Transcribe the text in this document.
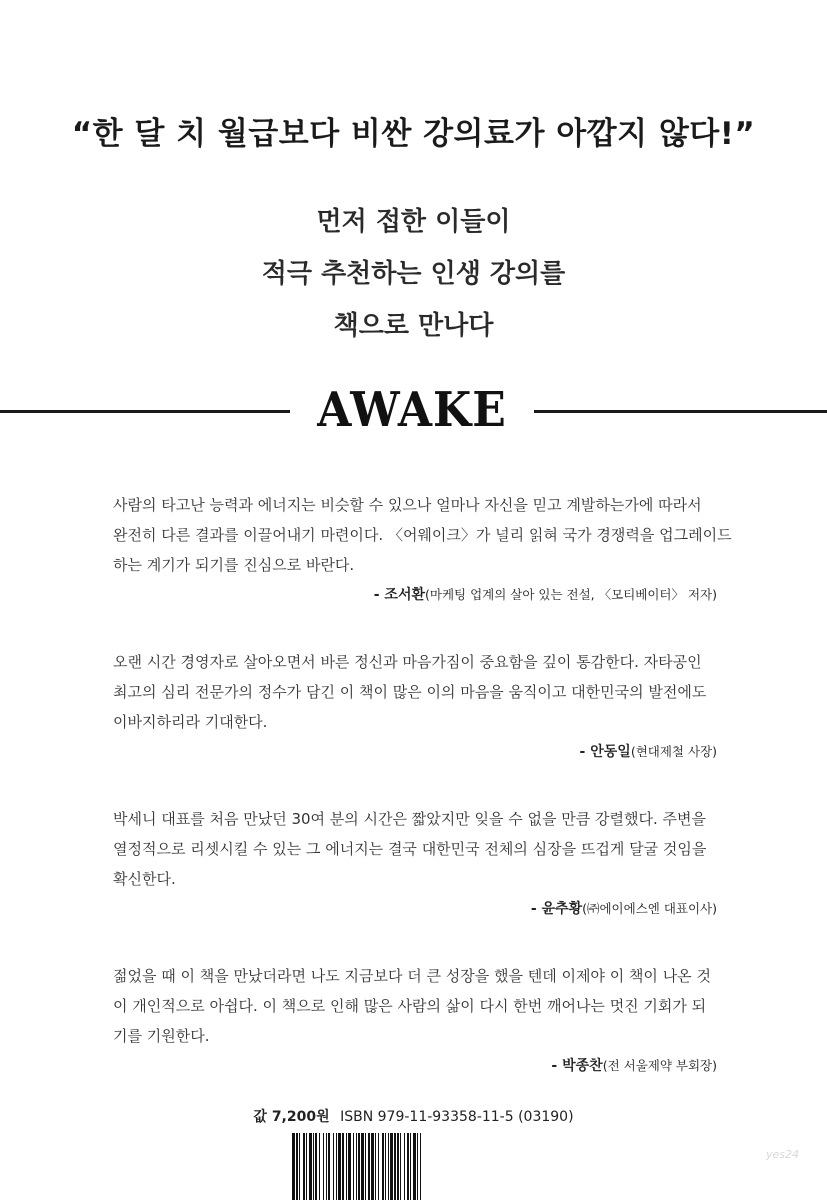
“한 달 치 월급보다 비싼 강의료가 아깝지 않다!”
먼저 접한 이들이
적극 추천하는 인생 강의를
책으로 만나다
AWAKE

사람의 타고난 능력과 에너지는 비슷할 수 있으나 얼마나 자신을 믿고 계발하는가에 따라서
완전히 다른 결과를 이끌어내기 마련이다. 〈어웨이크〉가 널리 읽혀 국가 경쟁력을 업그레이드
하는 계기가 되기를 진심으로 바란다.

- 조서환(마케팅 업계의 살아 있는 전설, 〈모티베이터〉 저자)

오랜 시간 경영자로 살아오면서 바른 정신과 마음가짐이 중요함을 깊이 통감한다. 자타공인
최고의 심리 전문가의 정수가 담긴 이 책이 많은 이의 마음을 움직이고 대한민국의 발전에도
이바지하리라 기대한다.

- 안동일(현대제철 사장)

박세니 대표를 처음 만났던 30여 분의 시간은 짧았지만 잊을 수 없을 만큼 강렬했다. 주변을
열정적으로 리셋시킬 수 있는 그 에너지는 결국 대한민국 전체의 심장을 뜨겁게 달굴 것임을
확신한다.

- 윤추황(㈜에이에스엔 대표이사)

젊었을 때 이 책을 만났더라면 나도 지금보다 더 큰 성장을 했을 텐데 이제야 이 책이 나온 것
이 개인적으로 아쉽다. 이 책으로 인해 많은 사람의 삶이 다시 한번 깨어나는 멋진 기회가 되
기를 기원한다.

- 박종찬(전 서울제약 부회장)
값 7,200원 ISBN 979-11-93358-11-5 (03190)
yes24
